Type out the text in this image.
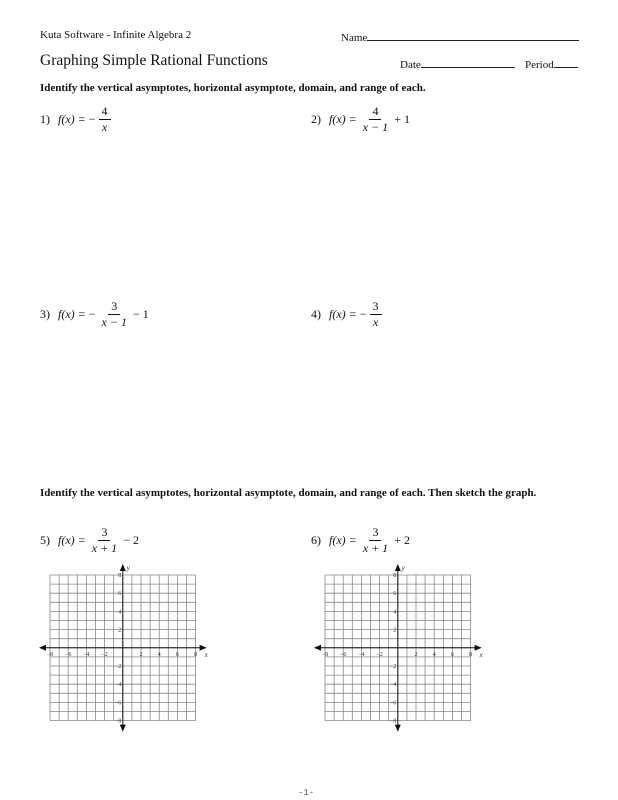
Kuta Software - Infinite Algebra 2	Name
Graphing Simple Rational Functions	Date	Period
Identify the vertical asymptotes, horizontal asymptote, domain, and range of each.
1) f(x) = − $\frac{4}{x}$	2) $f(x) = \frac{4}{x - 1} + 1$
3) f(x) = − $\frac{3}{x - 1} - 1$	4) f(x) = − $\frac{3}{x}$
Identify the vertical asymptotes, horizontal asymptote, domain, and range of each. Then sketch the graph.
5) $f(x) = \frac{3}{x + 1} - 2$	6) $f(x) = \frac{3}{x + 1} + 2$
−8 −6 −4 −2	2	4	6	8
8
6
4
2
−2
−4
−6
−8
x
y
−8 −6 −4 −2	2	4	6	8
8
6
4
2
−2
−4
−6
−8
x
y
-1-
